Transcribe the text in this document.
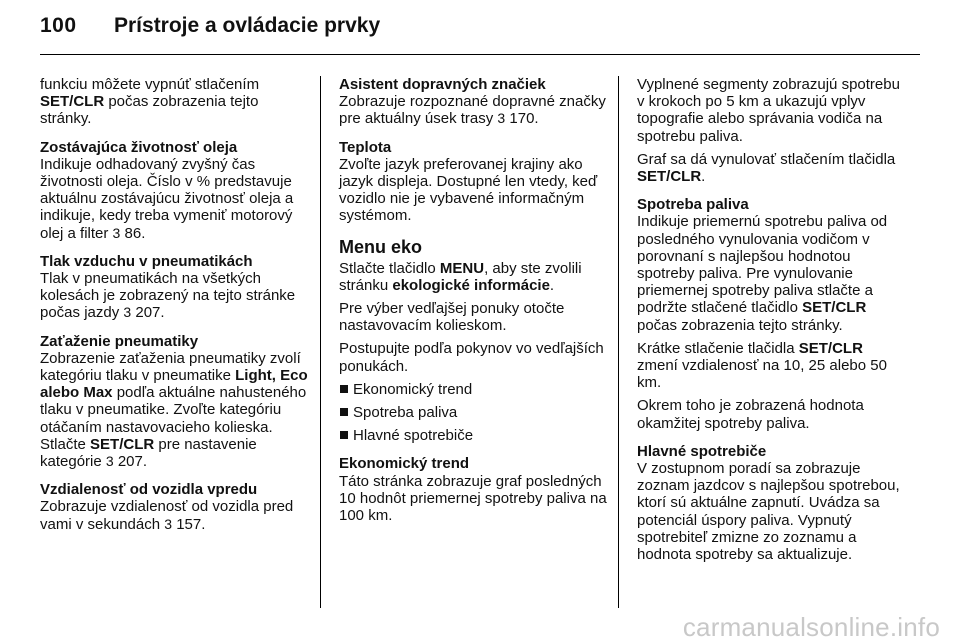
100 Prístroje a ovládacie prvky

funkciu môžete vypnúť stlačením SET/CLR počas zobrazenia tejto stránky.

Zostávajúca životnosť oleja
Indikuje odhadovaný zvyšný čas životnosti oleja. Číslo v % predstavuje aktuálnu zostávajúcu životnosť oleja a indikuje, kedy treba vymeniť motorový olej a filter 3 86.

Tlak vzduchu v pneumatikách
Tlak v pneumatikách na všetkých kolesách je zobrazený na tejto stránke počas jazdy 3 207.

Zaťaženie pneumatiky
Zobrazenie zaťaženia pneumatiky zvolí kategóriu tlaku v pneumatike Light, Eco alebo Max podľa aktuálne nahusteného tlaku v pneumatike. Zvoľte kategóriu otáčaním nastavovacieho kolieska. Stlačte SET/CLR pre nastavenie kategórie 3 207.

Vzdialenosť od vozidla vpredu
Zobrazuje vzdialenosť od vozidla pred vami v sekundách 3 157.

Asistent dopravných značiek
Zobrazuje rozpoznané dopravné značky pre aktuálny úsek trasy 3 170.

Teplota
Zvoľte jazyk preferovanej krajiny ako jazyk displeja. Dostupné len vtedy, keď vozidlo nie je vybavené informačným systémom.

Menu eko

Stlačte tlačidlo MENU, aby ste zvolili stránku ekologické informácie.

Pre výber vedľajšej ponuky otočte nastavovacím kolieskom.

Postupujte podľa pokynov vo vedľajších ponukách.

Ekonomický trend
Spotreba paliva
Hlavné spotrebiče

Ekonomický trend
Táto stránka zobrazuje graf posledných 10 hodnôt priemernej spotreby paliva na 100 km.

Vyplnené segmenty zobrazujú spotrebu v krokoch po 5 km a ukazujú vplyv topografie alebo správania vodiča na spotrebu paliva.

Graf sa dá vynulovať stlačením tlačidla SET/CLR.

Spotreba paliva
Indikuje priemernú spotrebu paliva od posledného vynulovania vodičom v porovnaní s najlepšou hodnotou spotreby paliva. Pre vynulovanie priemernej spotreby paliva stlačte a podržte stlačené tlačidlo SET/CLR počas zobrazenia tejto stránky.

Krátke stlačenie tlačidla SET/CLR zmení vzdialenosť na 10, 25 alebo 50 km.

Okrem toho je zobrazená hodnota okamžitej spotreby paliva.

Hlavné spotrebiče
V zostupnom poradí sa zobrazuje zoznam jazdcov s najlepšou spotrebou, ktorí sú aktuálne zapnutí. Uvádza sa potenciál úspory paliva. Vypnutý spotrebiteľ zmizne zo zoznamu a hodnota spotreby sa aktualizuje.

carmanualsonline.info
